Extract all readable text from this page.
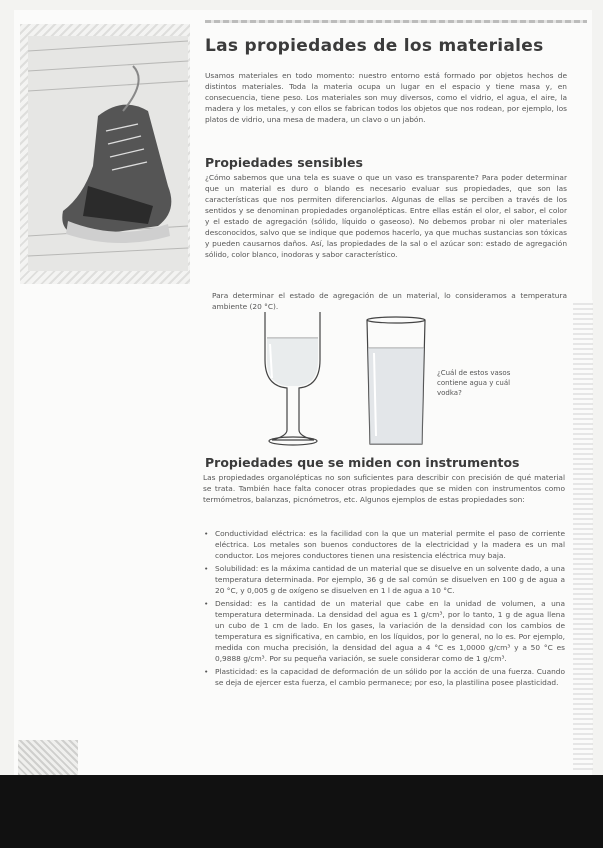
Las propiedades de los materiales

Usamos materiales en todo momento: nuestro entorno está formado por objetos hechos de distintos materiales. Toda la materia ocupa un lugar en el espacio y tiene masa y, en consecuencia, tiene peso. Los materiales son muy diversos, como el vidrio, el agua, el aire, la madera y los metales, y con ellos se fabrican todos los objetos que nos rodean, por ejemplo, los platos de vidrio, una mesa de madera, un clavo o un jabón.

Propiedades sensibles

¿Cómo sabemos que una tela es suave o que un vaso es transparente? Para poder determinar que un material es duro o blando es necesario evaluar sus propiedades, que son las características que nos permiten diferenciarlos. Algunas de ellas se perciben a través de los sentidos y se denominan propiedades organolépticas. Entre ellas están el olor, el sabor, el color y el estado de agregación (sólido, líquido o gaseoso). No debemos probar ni oler materiales desconocidos, salvo que se indique que podemos hacerlo, ya que muchas sustancias son tóxicas y pueden causarnos daños. Así, las propiedades de la sal o el azúcar son: estado de agregación sólido, color blanco, inodoras y sabor característico.

Para determinar el estado de agregación de un material, lo consideramos a temperatura ambiente (20 °C).

¿Cuál de estos vasos contiene agua y cuál vodka?
Propiedades que se miden con instrumentos

Las propiedades organolépticas no son suficientes para describir con precisión de qué material se trata. También hace falta conocer otras propiedades que se miden con instrumentos como termómetros, balanzas, picnómetros, etc. Algunos ejemplos de estas propiedades son:

• Conductividad eléctrica: es la facilidad con la que un material permite el paso de corriente eléctrica. Los metales son buenos conductores de la electricidad y la madera es un mal conductor. Los mejores conductores tienen una resistencia eléctrica muy baja.
• Solubilidad: es la máxima cantidad de un material que se disuelve en un solvente dado, a una temperatura determinada. Por ejemplo, 36 g de sal común se disuelven en 100 g de agua a 20 °C, y 0,005 g de oxígeno se disuelven en 1 l de agua a 10 °C.
• Densidad: es la cantidad de un material que cabe en la unidad de volumen, a una temperatura determinada. La densidad del agua es 1 g/cm³, por lo tanto, 1 g de agua llena un cubo de 1 cm de lado. En los gases, la variación de la densidad con los cambios de temperatura es significativa, en cambio, en los líquidos, por lo general, no lo es. Por ejemplo, medida con mucha precisión, la densidad del agua a 4 °C es 1,0000 g/cm³ y a 50 °C es 0,9888 g/cm³. Por su pequeña variación, se suele considerar como de 1 g/cm³.
• Plasticidad: es la capacidad de deformación de un sólido por la acción de una fuerza. Cuando se deja de ejercer esta fuerza, el cambio permanece; por eso, la plastilina posee plasticidad.
